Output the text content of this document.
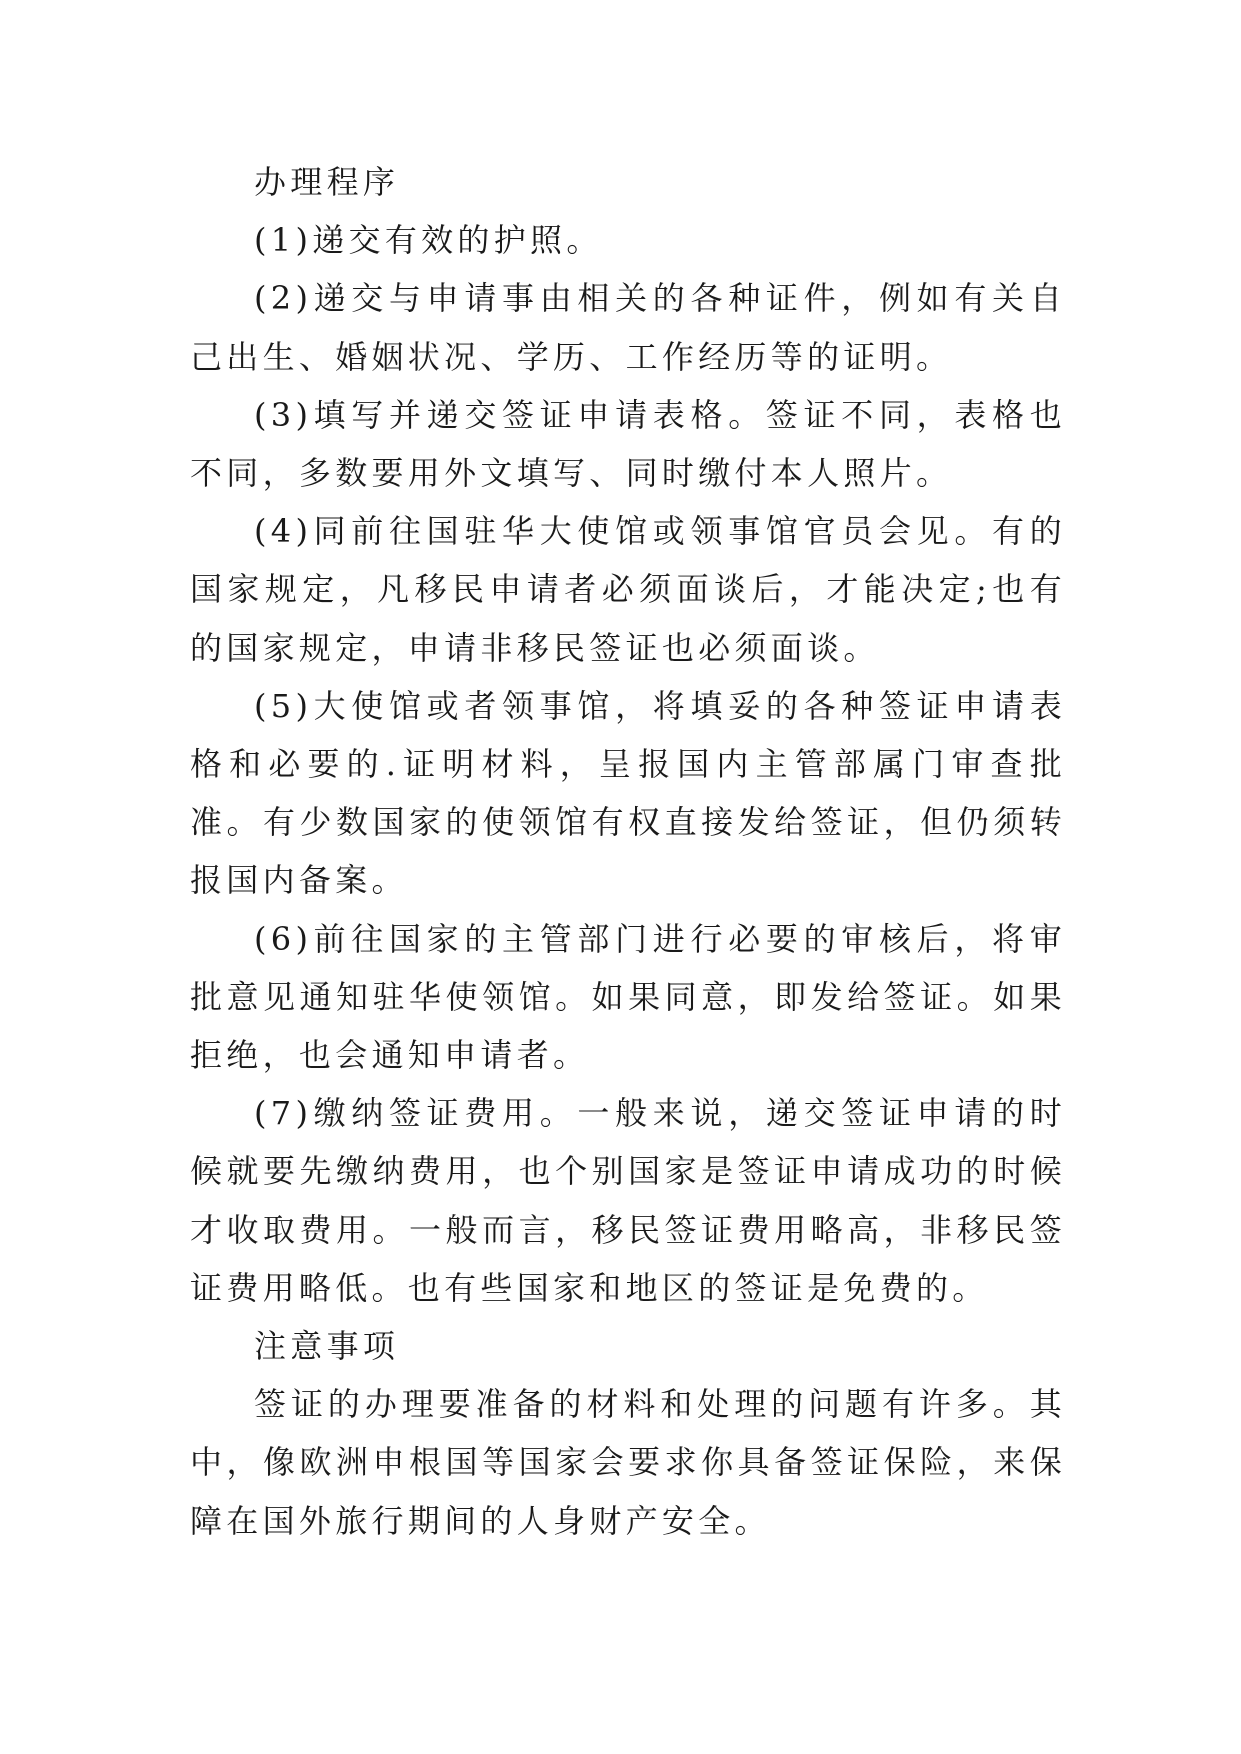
办理程序

(1)递交有效的护照。

(2)递交与申请事由相关的各种证件，例如有关自己出生、婚姻状况、学历、工作经历等的证明。

(3)填写并递交签证申请表格。签证不同，表格也不同，多数要用外文填写、同时缴付本人照片。

(4)同前往国驻华大使馆或领事馆官员会见。有的国家规定，凡移民申请者必须面谈后，才能决定;也有的国家规定，申请非移民签证也必须面谈。

(5)大使馆或者领事馆，将填妥的各种签证申请表格和必要的.证明材料，呈报国内主管部属门审查批准。有少数国家的使领馆有权直接发给签证，但仍须转报国内备案。

(6)前往国家的主管部门进行必要的审核后，将审批意见通知驻华使领馆。如果同意，即发给签证。如果拒绝，也会通知申请者。

(7)缴纳签证费用。一般来说，递交签证申请的时候就要先缴纳费用，也个别国家是签证申请成功的时候才收取费用。一般而言，移民签证费用略高，非移民签证费用略低。也有些国家和地区的签证是免费的。

注意事项

签证的办理要准备的材料和处理的问题有许多。其中，像欧洲申根国等国家会要求你具备签证保险，来保障在国外旅行期间的人身财产安全。
